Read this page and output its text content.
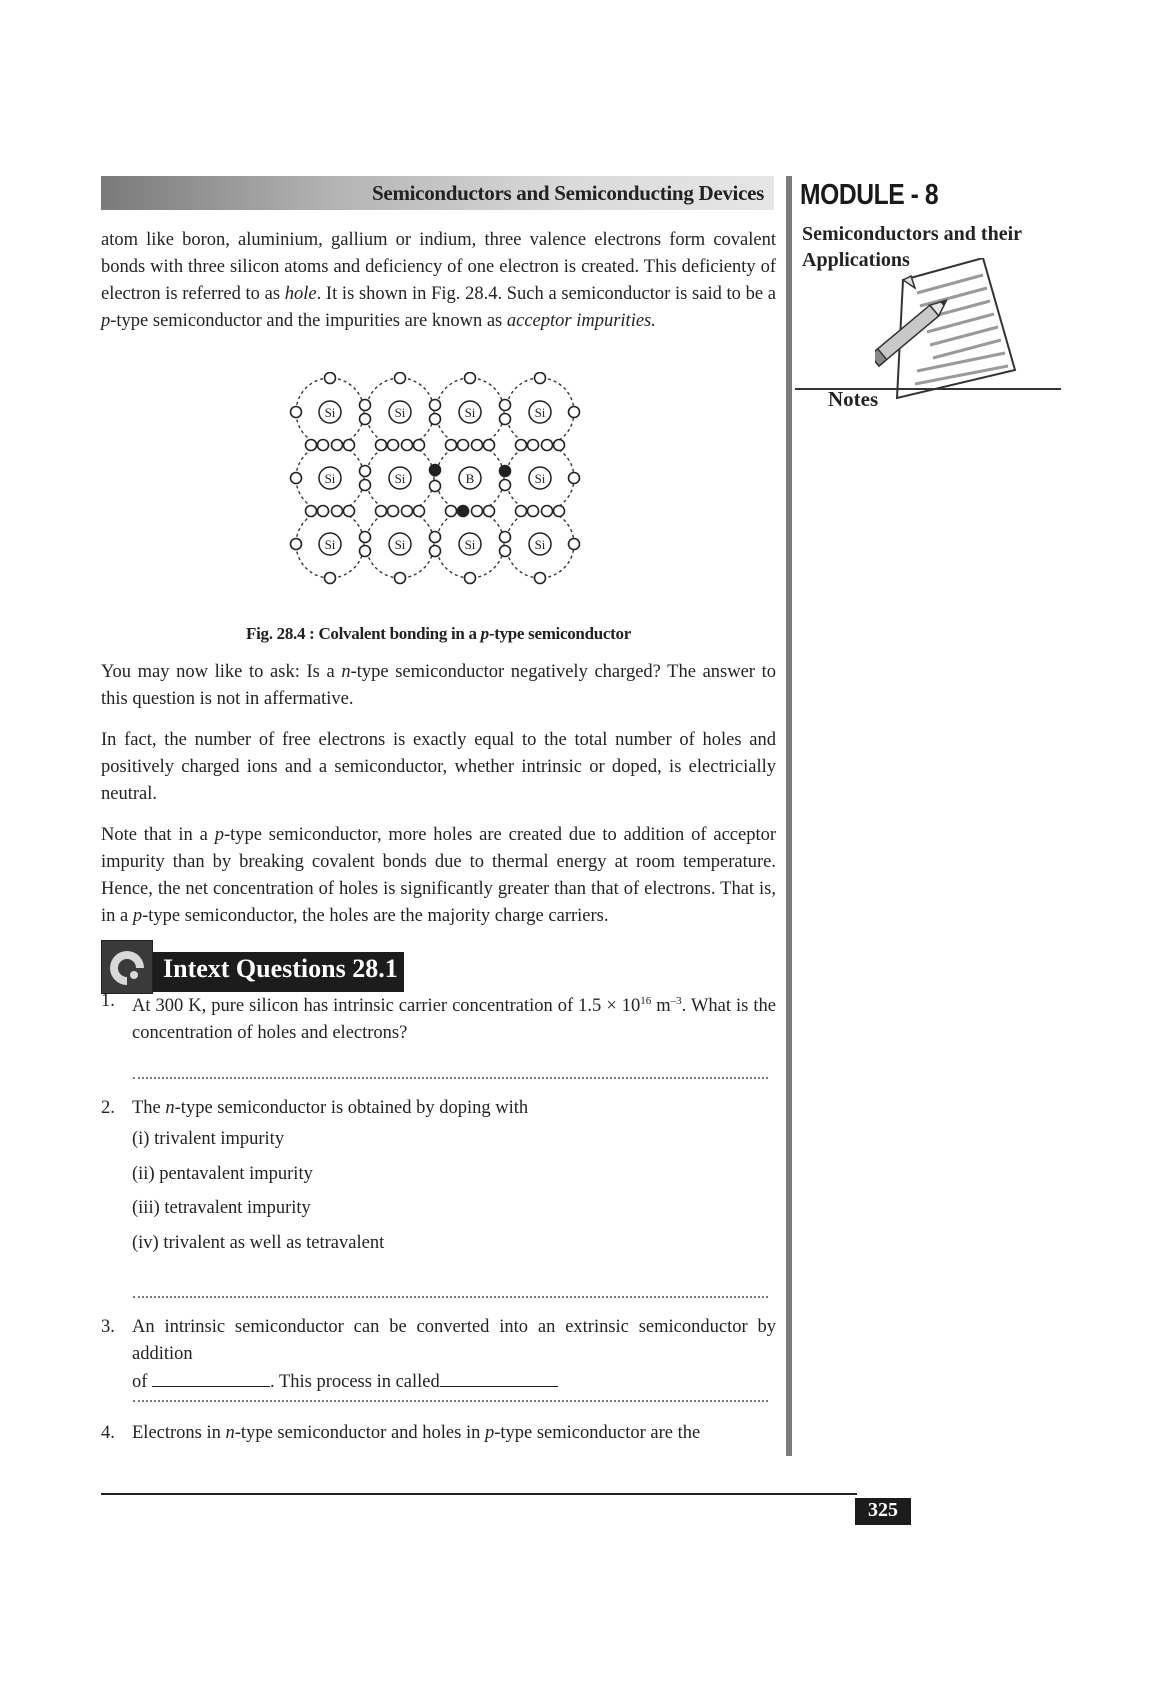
Semiconductors and Semiconducting Devices MODULE - 8
Semiconductors and their
Applications
Notes

atom like boron, aluminium, gallium or indium, three valence electrons form covalent bonds with three silicon atoms and deficiency of one electron is created. This deficienty of electron is referred to as hole. It is shown in Fig. 28.4. Such a semiconductor is said to be a p-type semiconductor and the impurities are known as acceptor impurities.

Si	Si	Si	Si
Si	Si	B	Si
Si	Si	Si	Si
Fig. 28.4 : Colvalent bonding in a p-type semiconductor

You may now like to ask: Is a n-type semiconductor negatively charged? The answer to this question is not in affermative.

In fact, the number of free electrons is exactly equal to the total number of holes and positively charged ions and a semiconductor, whether intrinsic or doped, is electricially neutral.

Note that in a p-type semiconductor, more holes are created due to addition of acceptor impurity than by breaking covalent bonds due to thermal energy at room temperature. Hence, the net concentration of holes is significantly greater than that of electrons. That is, in a p-type semiconductor, the holes are the majority charge carriers.

Intext Questions 28.1
1. At 300 K, pure silicon has intrinsic carrier concentration of $1.5 \times 10^{16}$ $m^{-3}$. What is the concentration of holes and electrons?
2. The n-type semiconductor is obtained by doping with
(i) trivalent impurity
(ii) pentavalent impurity
(iii) tetravalent impurity
(iv) trivalent as well as tetravalent
3. An intrinsic semiconductor can be converted into an extrinsic semiconductor by addition
of	. This process in called
4. Electrons in n-type semiconductor and holes in p-type semiconductor are the
325
